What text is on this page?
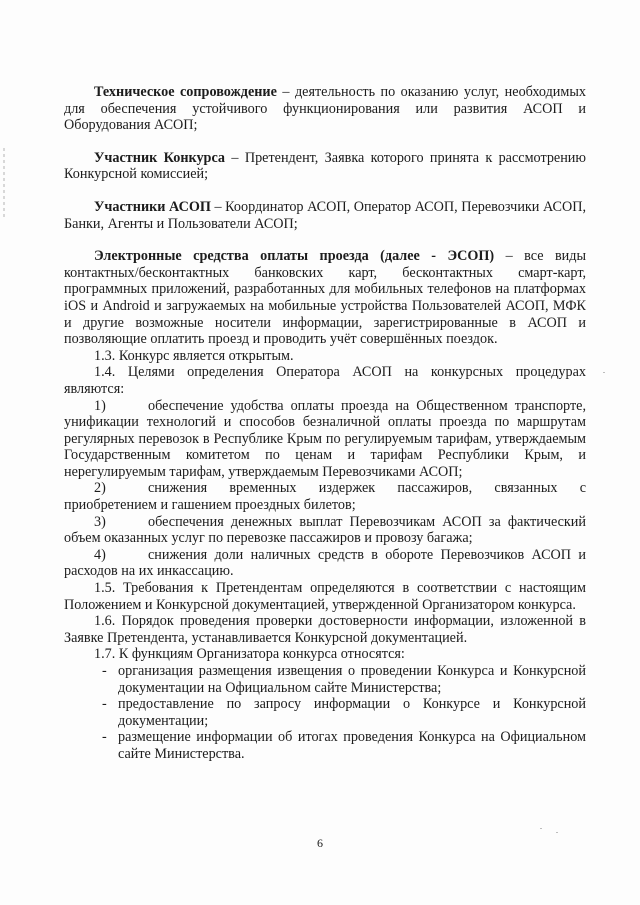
Техническое сопровождение – деятельность по оказанию услуг, необходимых для обеспечения устойчивого функционирования или развития АСОП и Оборудования АСОП;

Участник Конкурса – Претендент, Заявка которого принята к рассмотрению Конкурсной комиссией;

Участники АСОП – Координатор АСОП, Оператор АСОП, Перевозчики АСОП, Банки, Агенты и Пользователи АСОП;

Электронные средства оплаты проезда (далее - ЭСОП) – все виды контактных/бесконтактных банковских карт, бесконтактных смарт-карт, программных приложений, разработанных для мобильных телефонов на платформах iOS и Android и загружаемых на мобильные устройства Пользователей АСОП, МФК и другие возможные носители информации, зарегистрированные в АСОП и позволяющие оплатить проезд и проводить учёт совершённых поездок.

1.3. Конкурс является открытым.

1.4. Целями определения Оператора АСОП на конкурсных процедурах являются:

1)	обеспечение удобства оплаты проезда на Общественном транспорте, унификации технологий и способов безналичной оплаты проезда по маршрутам регулярных перевозок в Республике Крым по регулируемым тарифам, утверждаемым Государственным комитетом по ценам и тарифам Республики Крым, и нерегулируемым тарифам, утверждаемым Перевозчиками АСОП;

2)	снижения временных издержек пассажиров, связанных с приобретением и гашением проездных билетов;

3)	обеспечения денежных выплат Перевозчикам АСОП за фактический объем оказанных услуг по перевозке пассажиров и провозу багажа;

4)	снижения доли наличных средств в обороте Перевозчиков АСОП и расходов на их инкассацию.

1.5. Требования к Претендентам определяются в соответствии с настоящим Положением и Конкурсной документацией, утвержденной Организатором конкурса.

1.6. Порядок проведения проверки достоверности информации, изложенной в Заявке Претендента, устанавливается Конкурсной документацией.

1.7. К функциям Организатора конкурса относятся:

- организация размещения извещения о проведении Конкурса и Конкурсной документации на Официальном сайте Министерства;

- предоставление по запросу информации о Конкурсе и Конкурсной документации;

- размещение информации об итогах проведения Конкурса на Официальном сайте Министерства.

6
